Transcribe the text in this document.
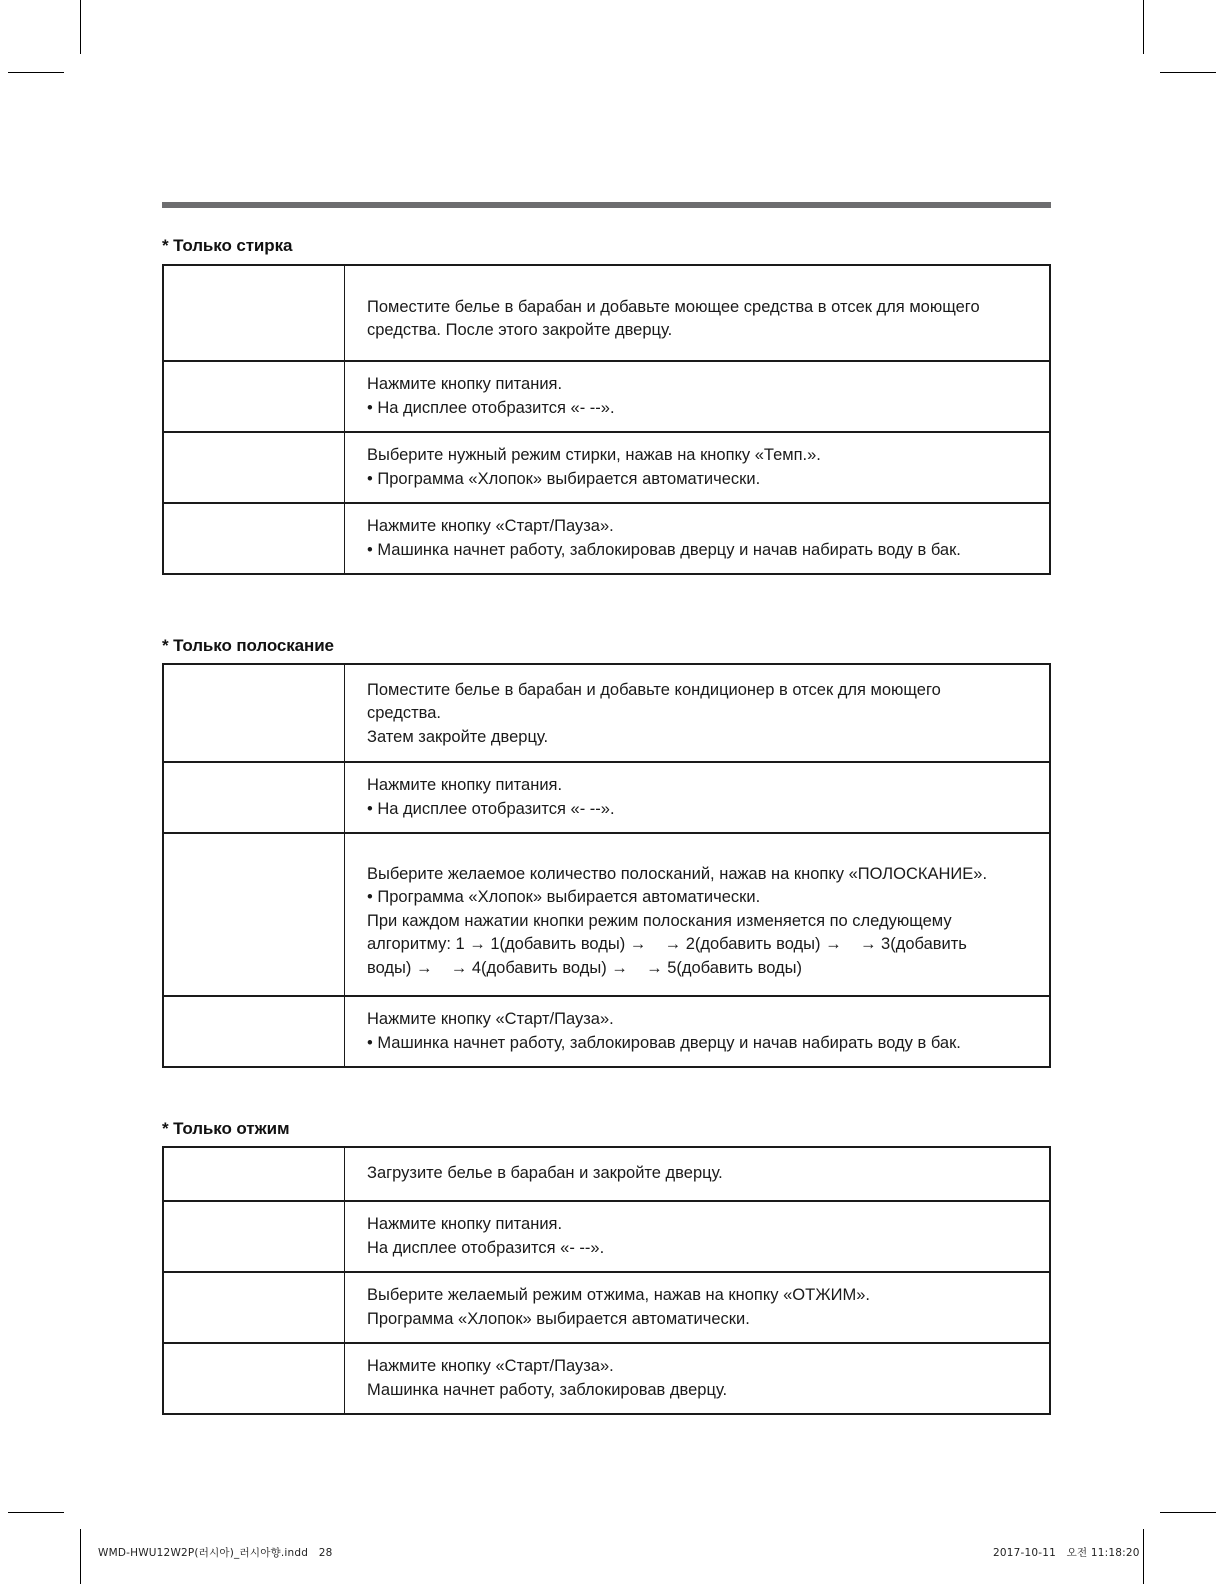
* Только стирка

	Поместите белье в барабан и добавьте моющее средства в отсек для моющего
средства. После этого закройте дверцу.

	Нажмите кнопку питания.
• На дисплее отобразится «- --».

	Выберите нужный режим стирки, нажав на кнопку «Темп.».
• Программа «Хлопок» выбирается автоматически.

	Нажмите кнопку «Старт/Пауза».
• Машинка начнет работу, заблокировав дверцу и начав набирать воду в бак.
* Только полоскание

	Поместите белье в барабан и добавьте кондиционер в отсек для моющего
средства.
Затем закройте дверцу.

	Нажмите кнопку питания.
• На дисплее отобразится «- --».

	Выберите желаемое количество полосканий, нажав на кнопку «ПОЛОСКАНИЕ».
• Программа «Хлопок» выбирается автоматически.
При каждом нажатии кнопки режим полоскания изменяется по следующему
алгоритму: 1 → 1(добавить воды) →    → 2(добавить воды) →    → 3(добавить
воды) →    → 4(добавить воды) →    → 5(добавить воды)

	Нажмите кнопку «Старт/Пауза».
• Машинка начнет работу, заблокировав дверцу и начав набирать воду в бак.
* Только отжим

	Загрузите белье в барабан и закройте дверцу.

	Нажмите кнопку питания.
На дисплее отобразится «- --».

	Выберите желаемый режим отжима, нажав на кнопку «ОТЖИМ».
Программа «Хлопок» выбирается автоматически.

	Нажмите кнопку «Старт/Пауза».
Машинка начнет работу, заблокировав дверцу.
WMD-HWU12W2P(러시아)_러시아향.indd   28	2017-10-11   오전 11:18:20
